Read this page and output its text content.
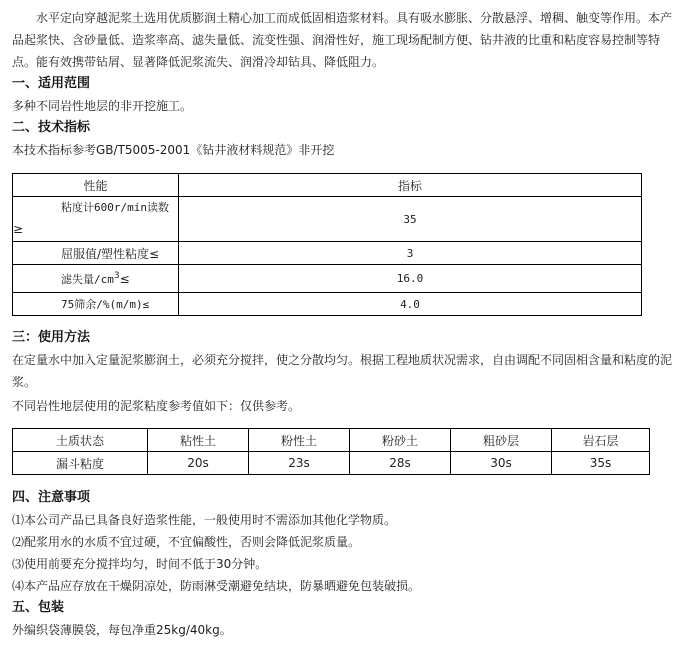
　　水平定向穿越泥浆土选用优质膨润土精心加工而成低固相造浆材料。具有吸水膨胀、分散悬浮、增稠、触变等作用。本产
品起浆快、含砂量低、造浆率高、滤失量低、流变性强、润滑性好，施工现场配制方便、钻井液的比重和粘度容易控制等特
点。能有效携带钻屑、显著降低泥浆流失、润滑冷却钻具、降低阻力。
一、适用范围
多种不同岩性地层的非开挖施工。
二、技术指标
本技术指标参考GB/T5005-2001《钻井液材料规范》非开挖
性能	指标

粘度计600r/min读数
≥	35
屈服值/塑性粘度≤	3
滤失量$/cm^3\le$	16.0
75筛余/%(m/m)≤	4.0
三：使用方法
在定量水中加入定量泥浆膨润土，必须充分搅拌，使之分散均匀。根据工程地质状况需求，自由调配不同固相含量和粘度的泥
浆。
不同岩性地层使用的泥浆粘度参考值如下：仅供参考。
土质状态	粘性土	粉性土	粉砂土	粗砂层	岩石层
漏斗粘度	20s	23s	28s	30s	35s
四、注意事项
⑴本公司产品已具备良好造浆性能，一般使用时不需添加其他化学物质。
⑵配浆用水的水质不宜过硬，不宜偏酸性，否则会降低泥浆质量。
⑶使用前要充分搅拌均匀，时间不低于30分钟。
⑷本产品应存放在干燥阴凉处，防雨淋受潮避免结块，防暴晒避免包装破损。
五、包装
外编织袋薄膜袋，每包净重25kg/40kg。
